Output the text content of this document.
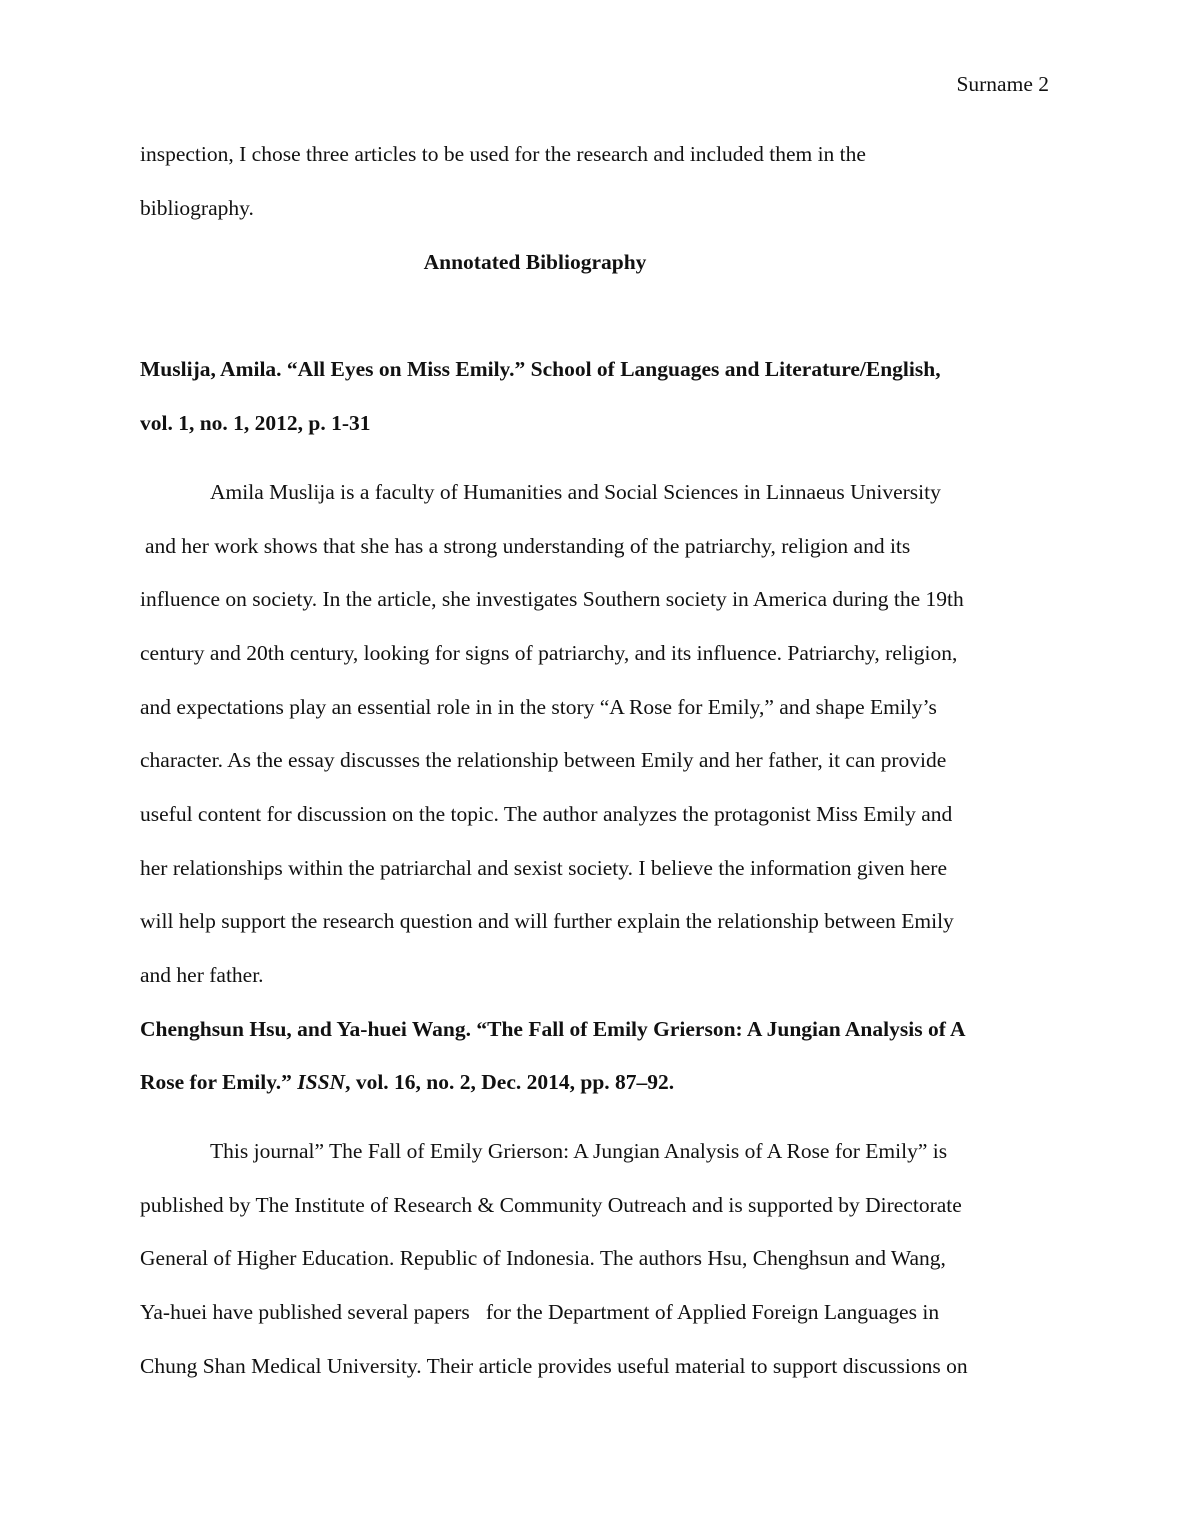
Surname 2
inspection, I chose three articles to be used for the research and included them in the
bibliography.
Annotated Bibliography
Muslija, Amila. “All Eyes on Miss Emily.” School of Languages and Literature/English,
vol. 1, no. 1, 2012, p. 1-31
Amila Muslija is a faculty of Humanities and Social Sciences in Linnaeus University
and her work shows that she has a strong understanding of the patriarchy, religion and its
influence on society. In the article, she investigates Southern society in America during the 19th
century and 20th century, looking for signs of patriarchy, and its influence. Patriarchy, religion,
and expectations play an essential role in in the story “A Rose for Emily,” and shape Emily’s
character. As the essay discusses the relationship between Emily and her father, it can provide
useful content for discussion on the topic. The author analyzes the protagonist Miss Emily and
her relationships within the patriarchal and sexist society. I believe the information given here
will help support the research question and will further explain the relationship between Emily
and her father.
Chenghsun Hsu, and Ya-huei Wang. “The Fall of Emily Grierson: A Jungian Analysis of A
Rose for Emily.” ISSN, vol. 16, no. 2, Dec. 2014, pp. 87–92.
This journal” The Fall of Emily Grierson: A Jungian Analysis of A Rose for Emily” is
published by The Institute of Research & Community Outreach and is supported by Directorate
General of Higher Education. Republic of Indonesia. The authors Hsu, Chenghsun and Wang,
Ya-huei have published several papers   for the Department of Applied Foreign Languages in
Chung Shan Medical University. Their article provides useful material to support discussions on
